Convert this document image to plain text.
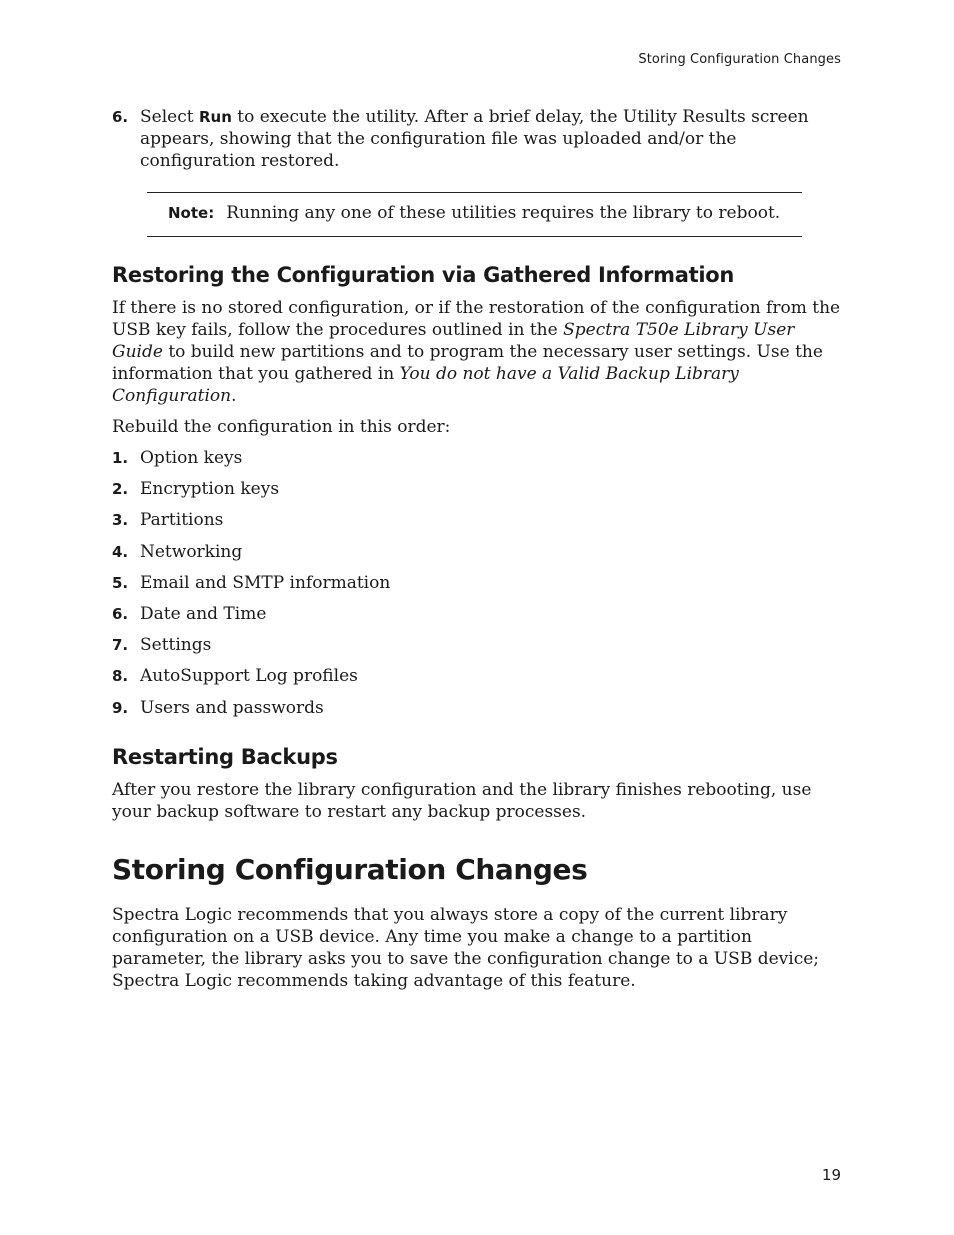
Storing Configuration Changes

6. Select Run to execute the utility. After a brief delay, the Utility Results screen appears, showing that the configuration file was uploaded and/or the configuration restored.

Note: Running any one of these utilities requires the library to reboot.
Restoring the Configuration via Gathered Information

If there is no stored configuration, or if the restoration of the configuration from the USB key fails, follow the procedures outlined in the Spectra T50e Library User Guide to build new partitions and to program the necessary user settings. Use the information that you gathered in You do not have a Valid Backup Library Configuration.

Rebuild the configuration in this order:

1. Option keys
2. Encryption keys
3. Partitions
4. Networking
5. Email and SMTP information
6. Date and Time
7. Settings
8. AutoSupport Log profiles
9. Users and passwords
Restarting Backups

After you restore the library configuration and the library finishes rebooting, use your backup software to restart any backup processes.

Storing Configuration Changes

Spectra Logic recommends that you always store a copy of the current library configuration on a USB device. Any time you make a change to a partition parameter, the library asks you to save the configuration change to a USB device; Spectra Logic recommends taking advantage of this feature.

19
